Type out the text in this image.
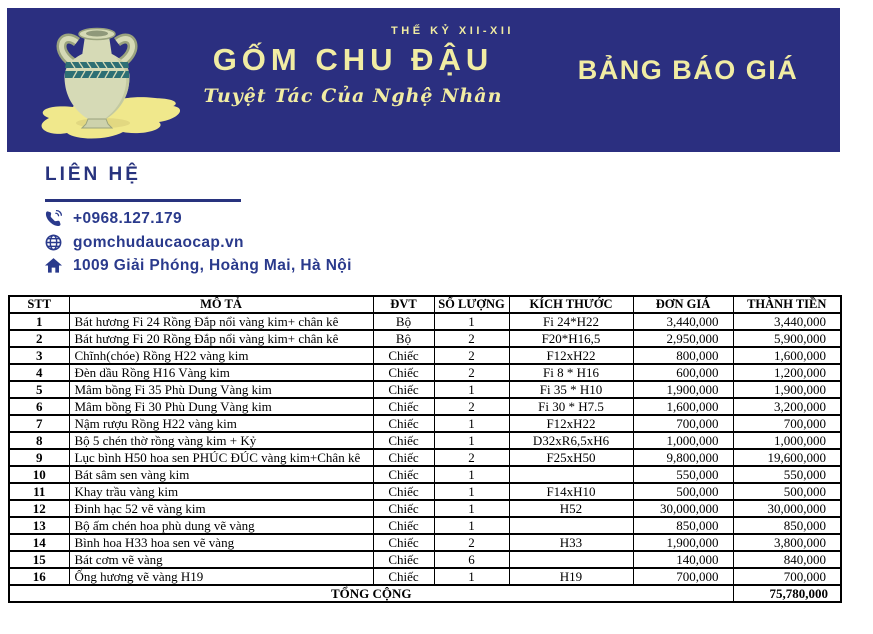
THẾ KỶ XII-XII
GỐM CHU ĐẬU
Tuyệt Tác Của Nghệ Nhân
BẢNG BÁO GIÁ
LIÊN HỆ
+0968.127.179
gomchudaucaocap.vn
1009 Giải Phóng, Hoàng Mai, Hà Nội
STT	MÔ TẢ	ĐVT	SỐ LƯỢNG	KÍCH THƯỚC	ĐƠN GIÁ	THÀNH TIỀN
1	Bát hương Fi 24 Rồng Đắp nổi vàng kim+ chân kê	Bộ	1	Fi 24*H22	3,440,000	3,440,000
2	Bát hương Fi 20 Rồng Đắp nổi vàng kim+ chân kê	Bộ	2	F20*H16,5	2,950,000	5,900,000
3	Chĩnh(chóe) Rồng H22 vàng kim	Chiếc	2	F12xH22	800,000	1,600,000
4	Đèn dầu Rồng H16 Vàng kim	Chiếc	2	Fi 8 * H16	600,000	1,200,000
5	Mâm bồng Fi 35 Phù Dung Vàng kim	Chiếc	1	Fi 35 * H10	1,900,000	1,900,000
6	Mâm bồng Fi 30 Phù Dung Vàng kim	Chiếc	2	Fi 30 * H7.5	1,600,000	3,200,000
7	Nậm rượu Rồng H22 vàng kim	Chiếc	1	F12xH22	700,000	700,000
8	Bộ 5 chén thờ rồng vàng kim + Kỷ	Chiếc	1	D32xR6,5xH6	1,000,000	1,000,000
9	Lục bình H50 hoa sen PHÚC ĐÚC vàng kim+Chân kê	Chiếc	2	F25xH50	9,800,000	19,600,000
10	Bát sâm sen vàng kim	Chiếc	1		550,000	550,000
11	Khay trầu vàng kim	Chiếc	1	F14xH10	500,000	500,000
12	Đinh hạc 52 vẽ vàng kim	Chiếc	1	H52	30,000,000	30,000,000
13	Bộ ấm chén hoa phù dung vẽ vàng	Chiếc	1		850,000	850,000
14	Bình hoa H33 hoa sen vẽ vàng	Chiếc	2	H33	1,900,000	3,800,000
15	Bát cơm vẽ vàng	Chiếc	6		140,000	840,000
16	Ống hương vẽ vàng H19	Chiếc	1	H19	700,000	700,000
TỔNG CỘNG						75,780,000
